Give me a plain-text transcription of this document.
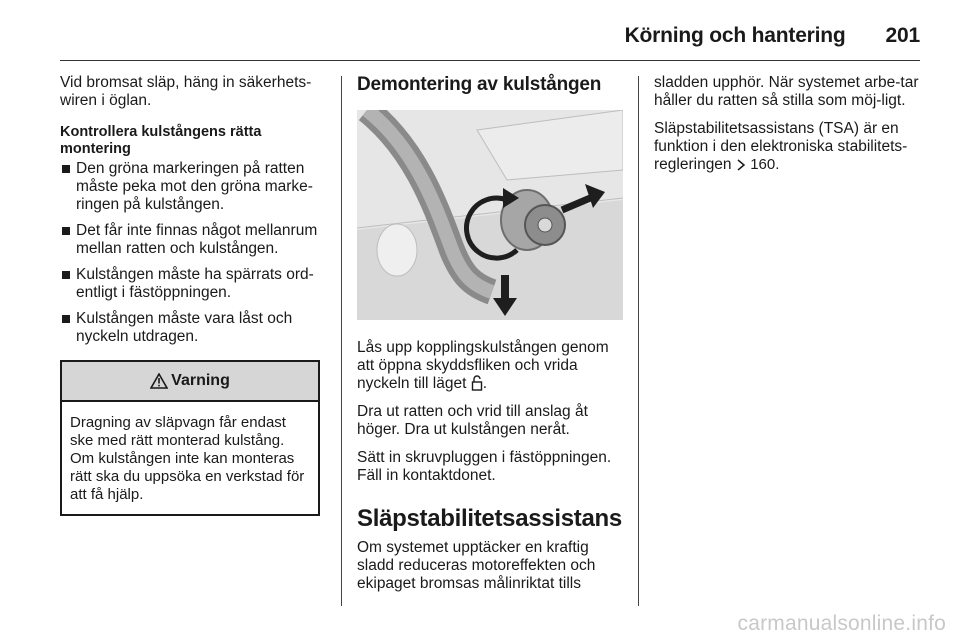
Körning och hantering 201

Vid bromsat släp, häng in säkerhets-wiren i öglan.

Kontrollera kulstångens rätta montering
Den gröna markeringen på ratten måste peka mot den gröna marke-ringen på kulstången.
Det får inte finnas något mellanrum mellan ratten och kulstången.
Kulstången måste ha spärrats ord-entligt i fästöppningen.
Kulstången måste vara låst och nyckeln utdragen.
Varning
Dragning av släpvagn får endast ske med rätt monterad kulstång. Om kulstången inte kan monteras rätt ska du uppsöka en verkstad för att få hjälp.
Demontering av kulstången

Lås upp kopplingskulstången genom att öppna skyddsfliken och vrida nyckeln till läget .

Dra ut ratten och vrid till anslag åt höger. Dra ut kulstången neråt.

Sätt in skruvpluggen i fästöppningen. Fäll in kontaktdonet.

Släpstabilitetsassistans

Om systemet upptäcker en kraftig sladd reduceras motoreffekten och ekipaget bromsas målinriktat tills

sladden upphör. När systemet arbe-tar håller du ratten så stilla som möj-ligt.

Släpstabilitetsassistans (TSA) är en funktion i den elektroniska stabilitets-regleringen 160.

carmanualsonline.info
